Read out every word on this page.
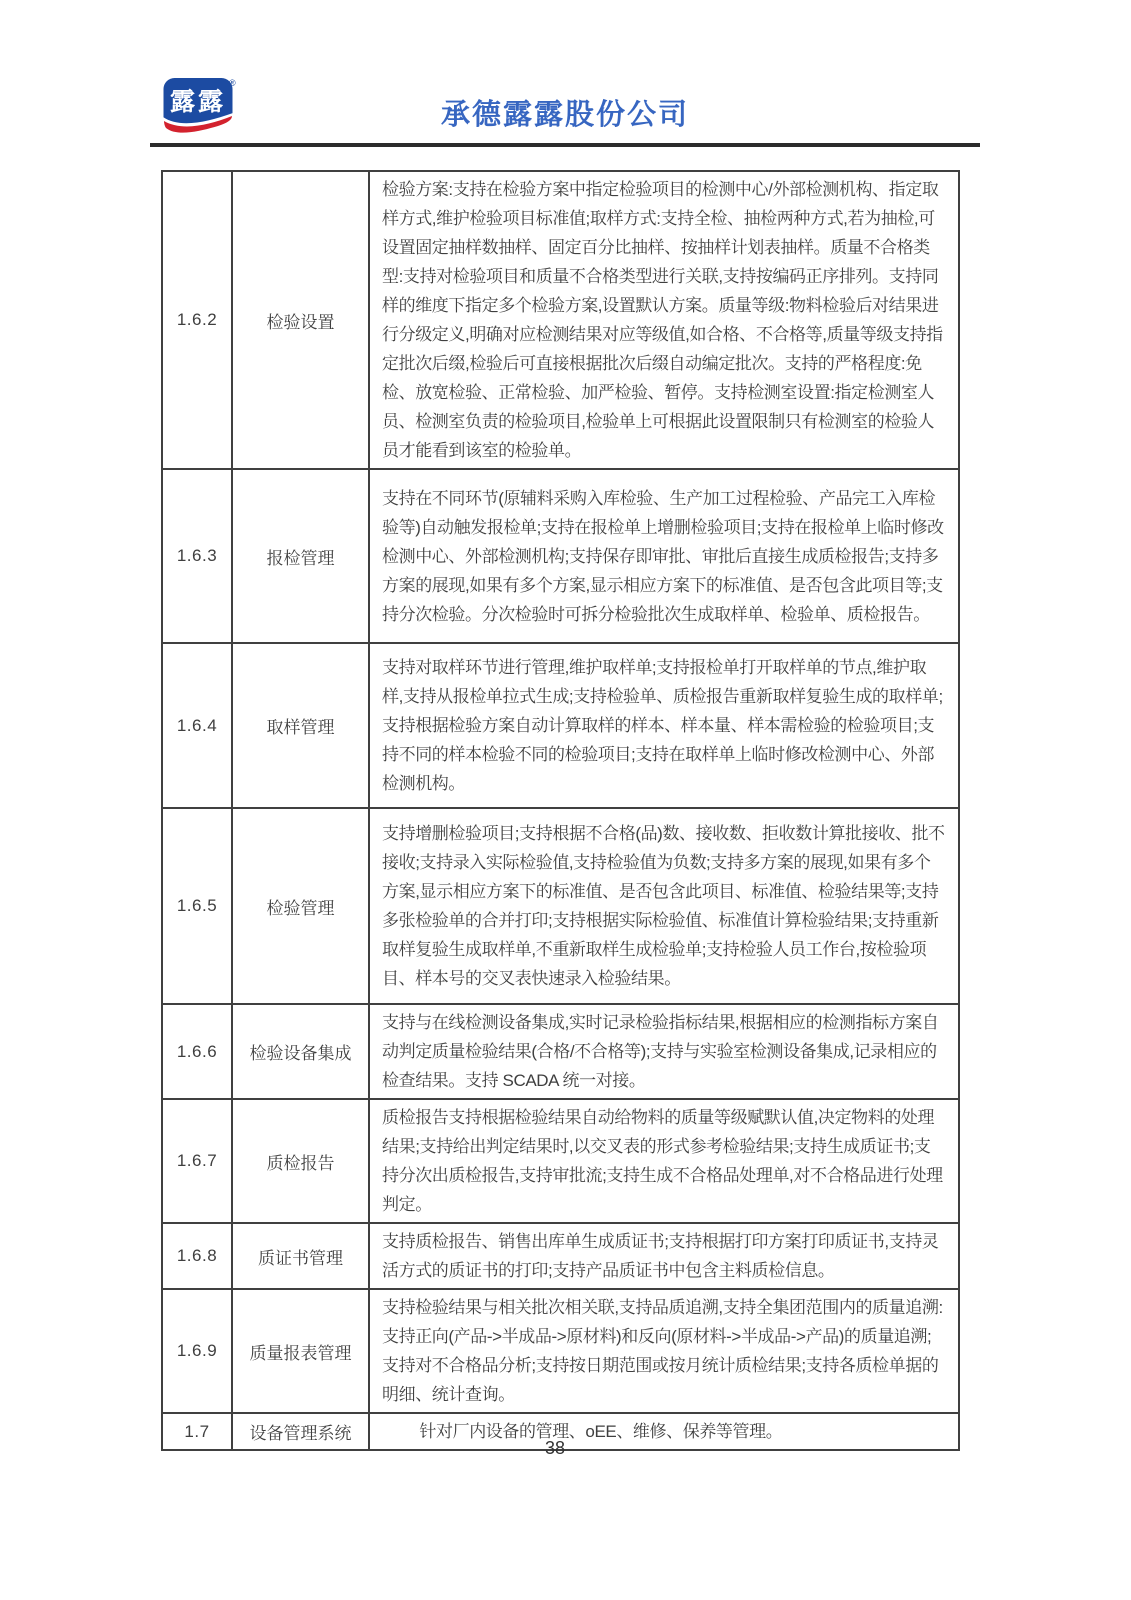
露露
®
承德露露股份公司
1.6.2	检验设置	检验方案:支持在检验方案中指定检验项目的检测中心/外部检测机构、指定取样方式,维护检验项目标准值;取样方式:支持全检、抽检两种方式,若为抽检,可设置固定抽样数抽样、固定百分比抽样、按抽样计划表抽样。质量不合格类型:支持对检验项目和质量不合格类型进行关联,支持按编码正序排列。支持同样的维度下指定多个检验方案,设置默认方案。质量等级:物料检验后对结果进行分级定义,明确对应检测结果对应等级值,如合格、不合格等,质量等级支持指定批次后缀,检验后可直接根据批次后缀自动编定批次。支持的严格程度:免检、放宽检验、正常检验、加严检验、暂停。支持检测室设置:指定检测室人员、检测室负责的检验项目,检验单上可根据此设置限制只有检测室的检验人员才能看到该室的检验单。
1.6.3	报检管理	支持在不同环节(原辅料采购入库检验、生产加工过程检验、产品完工入库检验等)自动触发报检单;支持在报检单上增删检验项目;支持在报检单上临时修改检测中心、外部检测机构;支持保存即审批、审批后直接生成质检报告;支持多方案的展现,如果有多个方案,显示相应方案下的标准值、是否包含此项目等;支持分次检验。分次检验时可拆分检验批次生成取样单、检验单、质检报告。
1.6.4	取样管理	支持对取样环节进行管理,维护取样单;支持报检单打开取样单的节点,维护取样,支持从报检单拉式生成;支持检验单、质检报告重新取样复验生成的取样单;支持根据检验方案自动计算取样的样本、样本量、样本需检验的检验项目;支持不同的样本检验不同的检验项目;支持在取样单上临时修改检测中心、外部检测机构。
1.6.5	检验管理	支持增删检验项目;支持根据不合格(品)数、接收数、拒收数计算批接收、批不接收;支持录入实际检验值,支持检验值为负数;支持多方案的展现,如果有多个方案,显示相应方案下的标准值、是否包含此项目、标准值、检验结果等;支持多张检验单的合并打印;支持根据实际检验值、标准值计算检验结果;支持重新取样复验生成取样单,不重新取样生成检验单;支持检验人员工作台,按检验项目、样本号的交叉表快速录入检验结果。
1.6.6	检验设备集成	支持与在线检测设备集成,实时记录检验指标结果,根据相应的检测指标方案自动判定质量检验结果(合格/不合格等);支持与实验室检测设备集成,记录相应的检查结果。支持 SCADA 统一对接。
1.6.7	质检报告	质检报告支持根据检验结果自动给物料的质量等级赋默认值,决定物料的处理结果;支持给出判定结果时,以交叉表的形式参考检验结果;支持生成质证书;支持分次出质检报告,支持审批流;支持生成不合格品处理单,对不合格品进行处理判定。
1.6.8	质证书管理	支持质检报告、销售出库单生成质证书;支持根据打印方案打印质证书,支持灵活方式的质证书的打印;支持产品质证书中包含主料质检信息。
1.6.9	质量报表管理	支持检验结果与相关批次相关联,支持品质追溯,支持全集团范围内的质量追溯:支持正向(产品->半成品->原材料)和反向(原材料->半成品->产品)的质量追溯;支持对不合格品分析;支持按日期范围或按月统计质检结果;支持各质检单据的明细、统计查询。
1.7	设备管理系统	针对厂内设备的管理、oEE、维修、保养等管理。
38
